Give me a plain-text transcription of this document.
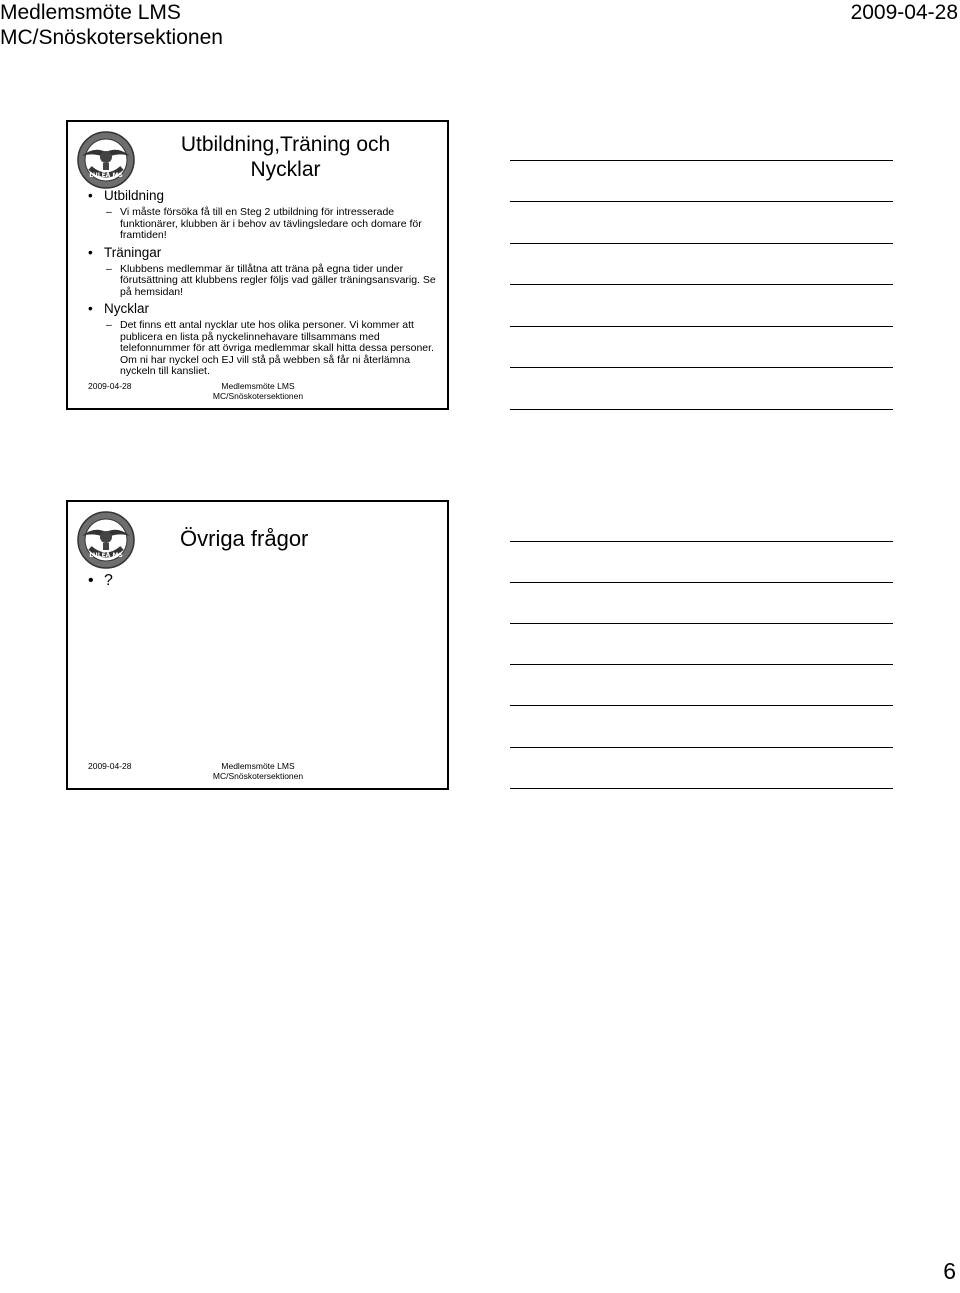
Medlemsmöte LMS
MC/Snöskotersektionen
2009-04-28
LULEÅ MS
Utbildning,Träning och
Nycklar
• Utbildning
– Vi måste försöka få till en Steg 2 utbildning för intresserade funktionärer, klubben är i behov av tävlingsledare och domare för framtiden!
• Träningar
– Klubbens medlemmar är tillåtna att träna på egna tider under förutsättning att klubbens regler följs vad gäller träningsansvarig. Se på hemsidan!
• Nycklar
– Det finns ett antal nycklar ute hos olika personer. Vi kommer att publicera en lista på nyckelinnehavare tillsammans med telefonnummer för att övriga medlemmar skall hitta dessa personer. Om ni har nyckel och EJ vill stå på webben så får ni återlämna nyckeln till kansliet.
2009-04-28	Medlemsmöte LMS
MC/Snöskotersektionen
LULEÅ MS
Övriga frågor
• ?
2009-04-28	Medlemsmöte LMS
MC/Snöskotersektionen
6
